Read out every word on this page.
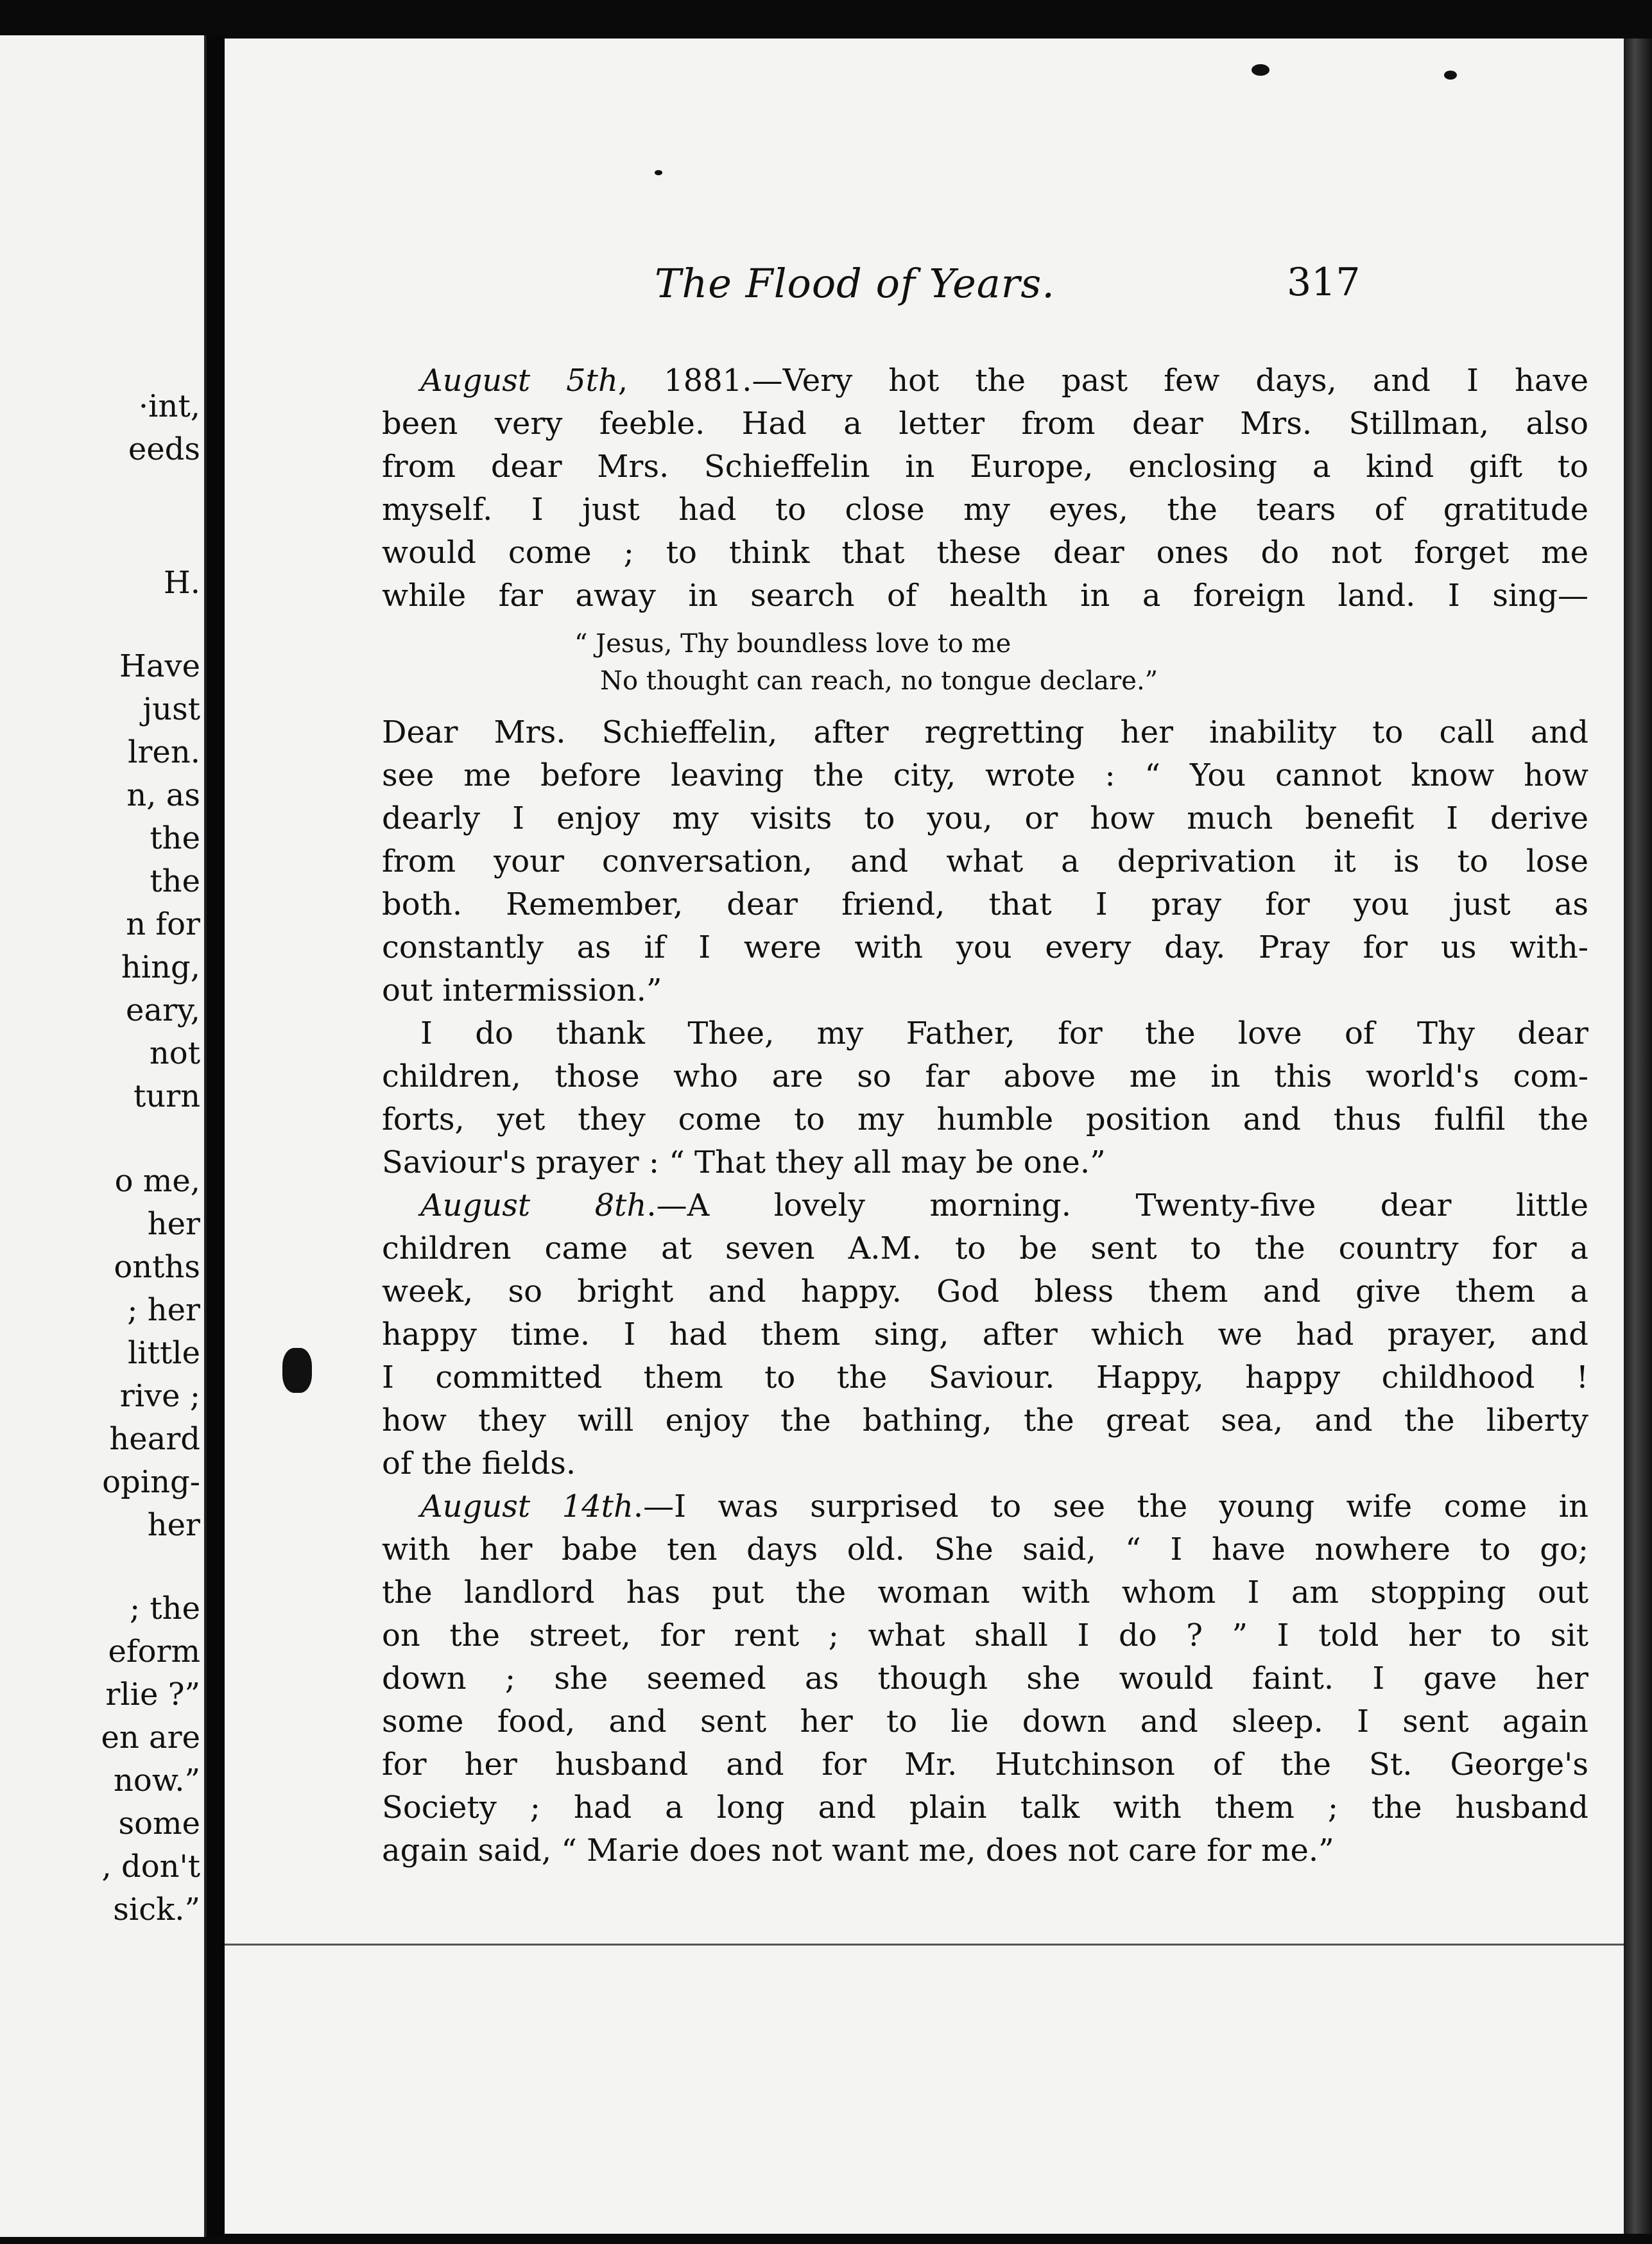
·int,
eeds
H.
Have
just
lren.
n, as
the
the
n for
hing,
eary,
not
turn
o me,
her
onths
; her
little
rive ;
heard
oping-
her
; the
eform
rlie ?”
en are
now.”
some
, don't
sick.”
The Flood of Years.	317
August 5th, 1881.—Very hot the past few days, and I have
been very feeble. Had a letter from dear Mrs. Stillman, also
from dear Mrs. Schieffelin in Europe, enclosing a kind gift to
myself. I just had to close my eyes, the tears of gratitude
would come ; to think that these dear ones do not forget me
while far away in search of health in a foreign land. I sing—
“ Jesus, Thy boundless love to me
No thought can reach, no tongue declare.”
Dear Mrs. Schieffelin, after regretting her inability to call and
see me before leaving the city, wrote : “ You cannot know how
dearly I enjoy my visits to you, or how much benefit I derive
from your conversation, and what a deprivation it is to lose
both. Remember, dear friend, that I pray for you just as
constantly as if I were with you every day. Pray for us with-
out intermission.”
I do thank Thee, my Father, for the love of Thy dear
children, those who are so far above me in this world's com-
forts, yet they come to my humble position and thus fulfil the
Saviour's prayer : “ That they all may be one.”
August 8th.—A lovely morning. Twenty-five dear little
children came at seven A.M. to be sent to the country for a
week, so bright and happy. God bless them and give them a
happy time. I had them sing, after which we had prayer, and
I committed them to the Saviour. Happy, happy childhood !
how they will enjoy the bathing, the great sea, and the liberty
of the fields.
August 14th.—I was surprised to see the young wife come in
with her babe ten days old. She said, “ I have nowhere to go;
the landlord has put the woman with whom I am stopping out
on the street, for rent ; what shall I do ? ” I told her to sit
down ; she seemed as though she would faint. I gave her
some food, and sent her to lie down and sleep. I sent again
for her husband and for Mr. Hutchinson of the St. George's
Society ; had a long and plain talk with them ; the husband
again said, “ Marie does not want me, does not care for me.”
